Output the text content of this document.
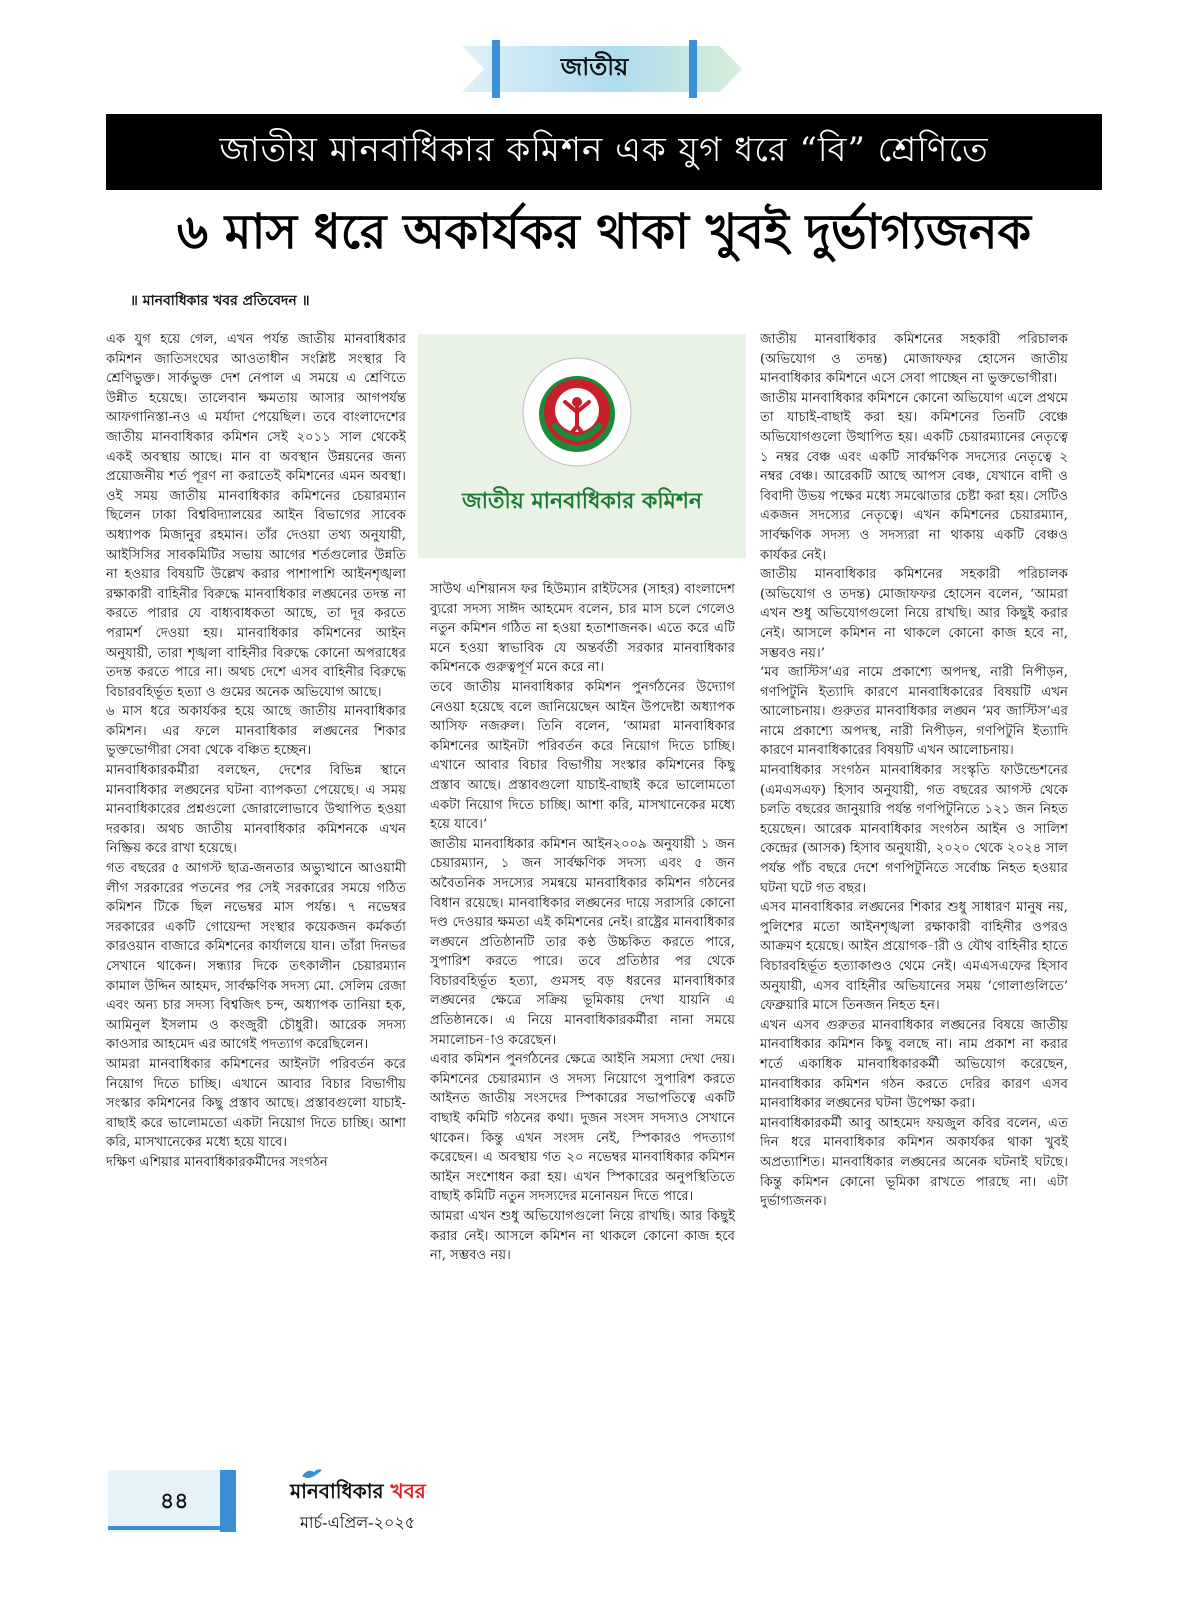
জাতীয়
জাতীয় মানবাধিকার কমিশন এক যুগ ধরে “বি” শ্রেণিতে
৬ মাস ধরে অকার্যকর থাকা খুবই দুর্ভাগ্যজনক
॥ মানবাধিকার খবর প্রতিবেদন ॥

এক যুগ হয়ে গেল, এখন পর্যন্ত জাতীয় মানবাধিকার কমিশন জাতিসংঘের আওতাধীন সংশ্লিষ্ট সংস্থার বি শ্রেণিভুক্ত। সার্কভুক্ত দেশ নেপাল এ সময়ে এ শ্রেণিতে উন্নীত হয়েছে। তালেবান ক্ষমতায় আসার আগপর্যন্ত আফগানিস্তা-নও এ মর্যাদা পেয়েছিল। তবে বাংলাদেশের জাতীয় মানবাধিকার কমিশন সেই ২০১১ সাল থেকেই একই অবস্থায় আছে। মান বা অবস্থান উন্নয়নের জন্য প্রয়োজনীয় শর্ত পূরণ না করাতেই কমিশনের এমন অবস্থা। ওই সময় জাতীয় মানবাধিকার কমিশনের চেয়ারম্যান ছিলেন ঢাকা বিশ্ববিদ্যালয়ের আইন বিভাগের সাবেক অধ্যাপক মিজানুর রহমান। তাঁর দেওয়া তথ্য অনুযায়ী, আইসিসির সাবকমিটির সভায় আগের শর্তগুলোর উন্নতি না হওয়ার বিষয়টি উল্লেখ করার পাশাপাশি আইনশৃঙ্খলা রক্ষাকারী বাহিনীর বিরুদ্ধে মানবাধিকার লঙ্ঘনের তদন্ত না করতে পারার যে বাধ্যবাধকতা আছে, তা দূর করতে পরামর্শ দেওয়া হয়। মানবাধিকার কমিশনের আইন অনুযায়ী, তারা শৃঙ্খলা বাহিনীর বিরুদ্ধে কোনো অপরাধের তদন্ত করতে পারে না। অথচ দেশে এসব বাহিনীর বিরুদ্ধে বিচারবহির্ভূত হত্যা ও গুমের অনেক অভিযোগ আছে।

৬ মাস ধরে অকার্যকর হয়ে আছে জাতীয় মানবাধিকার কমিশন। এর ফলে মানবাধিকার লঙ্ঘনের শিকার ভুক্তভোগীরা সেবা থেকে বঞ্চিত হচ্ছেন।

মানবাধিকারকর্মীরা বলছেন, দেশের বিভিন্ন স্থানে মানবাধিকার লঙ্ঘনের ঘটনা ব্যাপকতা পেয়েছে। এ সময় মানবাধিকারের প্রশ্নগুলো জোরালোভাবে উত্থাপিত হওয়া দরকার। অথচ জাতীয় মানবাধিকার কমিশনকে এখন নিষ্ক্রিয় করে রাখা হয়েছে।

গত বছরের ৫ আগস্ট ছাত্র-জনতার অভ্যুত্থানে আওয়ামী লীগ সরকারের পতনের পর সেই সরকারের সময়ে গঠিত কমিশন টিকে ছিল নভেম্বর মাস পর্যন্ত। ৭ নভেম্বর সরকারের একটি গোয়েন্দা সংস্থার কয়েকজন কর্মকর্তা কারওয়ান বাজারে কমিশনের কার্যালয়ে যান। তাঁরা দিনভর সেখানে থাকেন। সন্ধ্যার দিকে তৎকালীন চেয়ারম্যান কামাল উদ্দিন আহমদ, সার্বক্ষণিক সদস্য মো. সেলিম রেজা এবং অন্য চার সদস্য বিশ্বজিৎ চন্দ, অধ্যাপক তানিয়া হক, আমিনুল ইসলাম ও কংজুরী চৌধুরী। আরেক সদস্য কাওসার আহমেদ এর আগেই পদত্যাগ করেছিলেন।

আমরা মানবাধিকার কমিশনের আইনটা পরিবর্তন করে নিয়োগ দিতে চাচ্ছি। এখানে আবার বিচার বিভাগীয় সংস্কার কমিশনের কিছু প্রস্তাব আছে। প্রস্তাবগুলো যাচাই-বাছাই করে ভালোমতো একটা নিয়োগ দিতে চাচ্ছি। আশা করি, মাসখানেকের মধ্যে হয়ে যাবে।

দক্ষিণ এশিয়ার মানবাধিকারকর্মীদের সংগঠন

জাতীয় মানবাধিকার কমিশন

সাউথ এশিয়ানস ফর হিউম্যান রাইটসের (সাহর) বাংলাদেশ ব্যুরো সদস্য সাঈদ আহমেদ বলেন, চার মাস চলে গেলেও নতুন কমিশন গঠিত না হওয়া হতাশাজনক। এতে করে এটি মনে হওয়া স্বাভাবিক যে অন্তর্বর্তী সরকার মানবাধিকার কমিশনকে গুরুত্বপূর্ণ মনে করে না।

তবে জাতীয় মানবাধিকার কমিশন পুনর্গঠনের উদ্যোগ নেওয়া হয়েছে বলে জানিয়েছেন আইন উপদেষ্টা অধ্যাপক আসিফ নজরুল। তিনি বলেন, ‘আমরা মানবাধিকার কমিশনের আইনটা পরিবর্তন করে নিয়োগ দিতে চাচ্ছি। এখানে আবার বিচার বিভাগীয় সংস্কার কমিশনের কিছু প্রস্তাব আছে। প্রস্তাবগুলো যাচাই-বাছাই করে ভালোমতো একটা নিয়োগ দিতে চাচ্ছি। আশা করি, মাসখানেকের মধ্যে হয়ে যাবে।’

জাতীয় মানবাধিকার কমিশন আইন২০০৯ অনুযায়ী ১ জন চেয়ারম্যান, ১ জন সার্বক্ষণিক সদস্য এবং ৫ জন অবৈতনিক সদস্যের সমন্বয়ে মানবাধিকার কমিশন গঠনের বিধান রয়েছে। মানবাধিকার লঙ্ঘনের দায়ে সরাসরি কোনো দণ্ড দেওয়ার ক্ষমতা এই কমিশনের নেই। রাষ্ট্রের মানবাধিকার লঙ্ঘনে প্রতিষ্ঠানটি তার কণ্ঠ উচ্চকিত করতে পারে, সুপারিশ করতে পারে। তবে প্রতিষ্ঠার পর থেকে বিচারবহির্ভূত হত্যা, গুমসহ বড় ধরনের মানবাধিকার লঙ্ঘনের ক্ষেত্রে সক্রিয় ভূমিকায় দেখা যায়নি এ প্রতিষ্ঠানকে। এ নিয়ে মানবাধিকারকর্মীরা নানা সময়ে সমালোচন-াও করেছেন।

এবার কমিশন পুনর্গঠনের ক্ষেত্রে আইনি সমস্যা দেখা দেয়। কমিশনের চেয়ারম্যান ও সদস্য নিয়োগে সুপারিশ করতে আইনত জাতীয় সংসদের স্পিকারের সভাপতিত্বে একটি বাছাই কমিটি গঠনের কথা। দুজন সংসদ সদস্যও সেখানে থাকেন। কিন্তু এখন সংসদ নেই, স্পিকারও পদত্যাগ করেছেন। এ অবস্থায় গত ২০ নভেম্বর মানবাধিকার কমিশন আইন সংশোধন করা হয়। এখন স্পিকারের অনুপস্থিতিতে বাছাই কমিটি নতুন সদস্যদের মনোনয়ন দিতে পারে।

আমরা এখন শুধু অভিযোগগুলো নিয়ে রাখছি। আর কিছুই করার নেই। আসলে কমিশন না থাকলে কোনো কাজ হবে না, সম্ভবও নয়।

জাতীয় মানবাধিকার কমিশনের সহকারী পরিচালক (অভিযোগ ও তদন্ত) মোজাফফর হোসেন জাতীয় মানবাধিকার কমিশনে এসে সেবা পাচ্ছেন না ভুক্তভোগীরা।

জাতীয় মানবাধিকার কমিশনে কোনো অভিযোগ এলে প্রথমে তা যাচাই-বাছাই করা হয়। কমিশনের তিনটি বেঞ্চে অভিযোগগুলো উত্থাপিত হয়। একটি চেয়ারম্যানের নেতৃত্বে ১ নম্বর বেঞ্চ এবং একটি সার্বক্ষণিক সদস্যের নেতৃত্বে ২ নম্বর বেঞ্চ। আরেকটি আছে আপস বেঞ্চ, যেখানে বাদী ও বিবাদী উভয় পক্ষের মধ্যে সমঝোতার চেষ্টা করা হয়। সেটিও একজন সদস্যের নেতৃত্বে। এখন কমিশনের চেয়ারম্যান, সার্বক্ষণিক সদস্য ও সদস্যরা না থাকায় একটি বেঞ্চও কার্যকর নেই।

জাতীয় মানবাধিকার কমিশনের সহকারী পরিচালক (অভিযোগ ও তদন্ত) মোজাফফর হোসেন বলেন, ‘আমরা এখন শুধু অভিযোগগুলো নিয়ে রাখছি। আর কিছুই করার নেই। আসলে কমিশন না থাকলে কোনো কাজ হবে না, সম্ভবও নয়।’

‘মব জাস্টিস’এর নামে প্রকাশ্যে অপদস্থ, নারী নিপীড়ন, গণপিটুনি ইত্যাদি কারণে মানবাধিকারের বিষয়টি এখন আলোচনায়। গুরুতর মানবাধিকার লঙ্ঘন ‘মব জাস্টিস’এর নামে প্রকাশ্যে অপদস্থ, নারী নিপীড়ন, গণপিটুনি ইত্যাদি কারণে মানবাধিকারের বিষয়টি এখন আলোচনায়।

মানবাধিকার সংগঠন মানবাধিকার সংস্কৃতি ফাউন্ডেশনের (এমএসএফ) হিসাব অনুযায়ী, গত বছরের আগস্ট থেকে চলতি বছরের জানুয়ারি পর্যন্ত গণপিটুনিতে ১২১ জন নিহত হয়েছেন। আরেক মানবাধিকার সংগঠন আইন ও সালিশ কেন্দ্রের (আসক) হিসাব অনুযায়ী, ২০২০ থেকে ২০২৪ সাল পর্যন্ত পাঁচ বছরে দেশে গণপিটুনিতে সর্বোচ্চ নিহত হওয়ার ঘটনা ঘটে গত বছর।

এসব মানবাধিকার লঙ্ঘনের শিকার শুধু সাধারণ মানুষ নয়, পুলিশের মতো আইনশৃঙ্খলা রক্ষাকারী বাহিনীর ওপরও আক্রমণ হয়েছে। আইন প্রয়োগক-ারী ও যৌথ বাহিনীর হাতে বিচারবহির্ভূত হত্যাকাণ্ডও থেমে নেই। এমএসএফের হিসাব অনুযায়ী, এসব বাহিনীর অভিযানের সময় ‘গোলাগুলিতে’ ফেব্রুয়ারি মাসে তিনজন নিহত হন।

এখন এসব গুরুতর মানবাধিকার লঙ্ঘনের বিষয়ে জাতীয় মানবাধিকার কমিশন কিছু বলছে না। নাম প্রকাশ না করার শর্তে একাধিক মানবাধিকারকর্মী অভিযোগ করেছেন, মানবাধিকার কমিশন গঠন করতে দেরির কারণ এসব মানবাধিকার লঙ্ঘনের ঘটনা উপেক্ষা করা।

মানবাধিকারকর্মী আবু আহমেদ ফয়জুল কবির বলেন, এত দিন ধরে মানবাধিকার কমিশন অকার্যকর থাকা খুবই অপ্রত্যাশিত। মানবাধিকার লঙ্ঘনের অনেক ঘটনাই ঘটছে। কিন্তু কমিশন কোনো ভূমিকা রাখতে পারছে না। এটা দুর্ভাগ্যজনক।

৪৪	মানবাধিকার খবর
মার্চ-এপ্রিল-২০২৫
